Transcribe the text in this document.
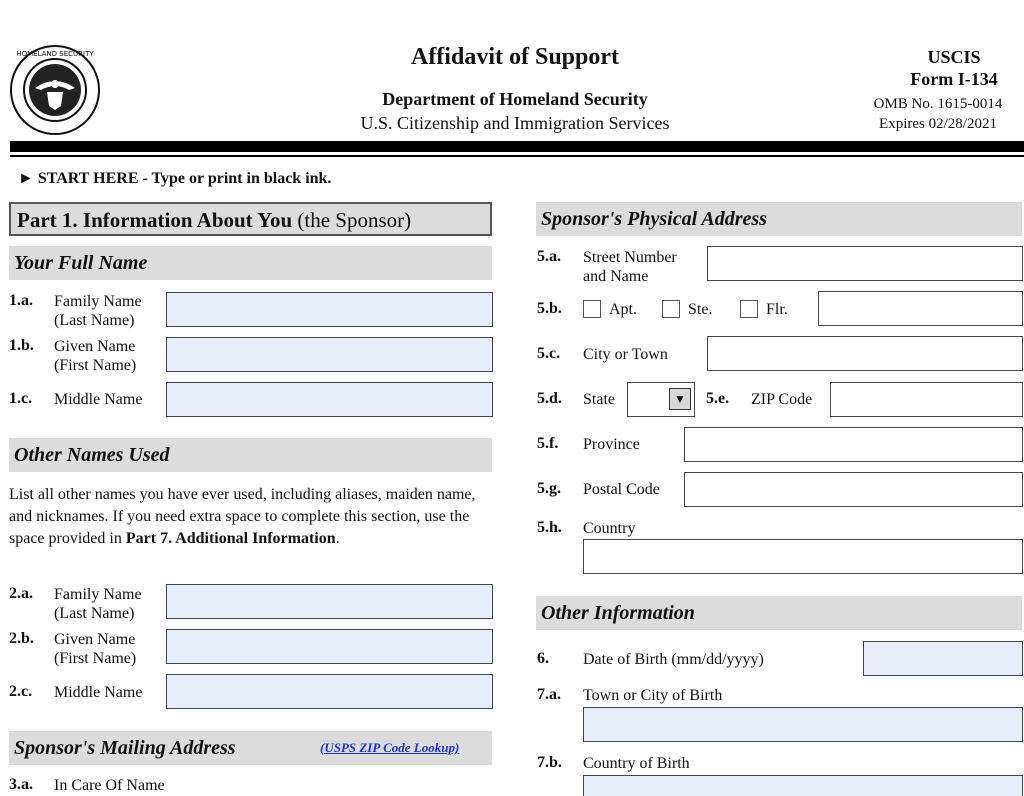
HOMELAND SECURITY	Affidavit of Support
Department of Homeland Security
U.S. Citizenship and Immigration Services
USCIS
Form I-134
OMB No. 1615-0014
Expires 02/28/2021
► START HERE - Type or print in black ink.
Part 1. Information About You (the Sponsor)
Your Full Name
1.a. Family Name
(Last Name)
1.b. Given Name
(First Name)
1.c. Middle Name
Other Names Used
List all other names you have ever used, including aliases, maiden name, and nicknames. If you need extra space to complete this section, use the space provided in Part 7. Additional Information.
2.a. Family Name
(Last Name)
2.b. Given Name
(First Name)
2.c. Middle Name
Sponsor's Mailing Address	(USPS ZIP Code Lookup)
3.a. In Care Of Name
Sponsor's Physical Address
5.a. Street Number
and Name
5.b.	Apt.	Ste.	Flr.
5.c. City or Town
5.d. State	▼	5.e. ZIP Code
5.f. Province
5.g. Postal Code
5.h. Country
Other Information
6. Date of Birth (mm/dd/yyyy)
7.a. Town or City of Birth
7.b. Country of Birth
